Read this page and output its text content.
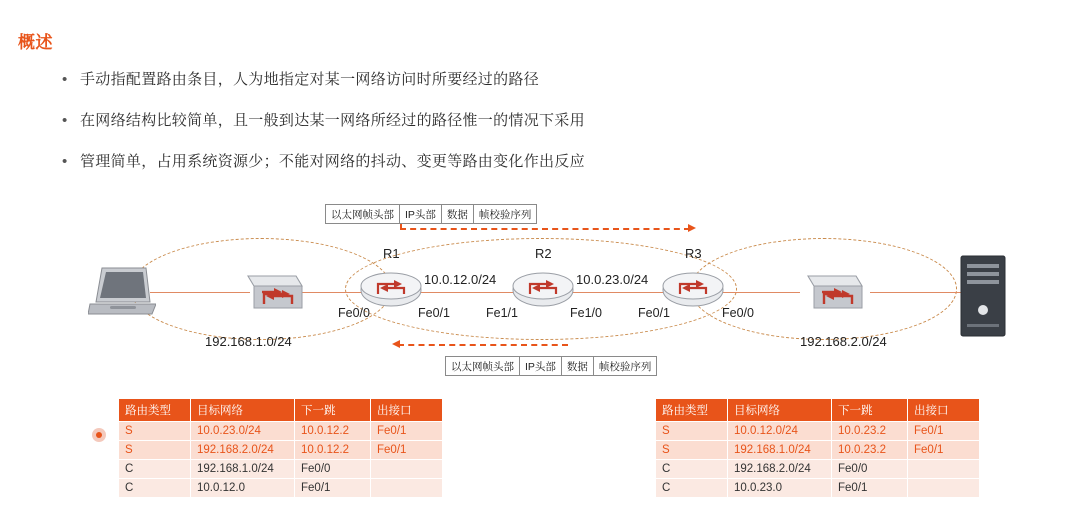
概述
• 手动指配置路由条目，人为地指定对某一网络访问时所要经过的路径
• 在网络结构比较简单，且一般到达某一网络所经过的路径惟一的情况下采用
• 管理简单，占用系统资源少；不能对网络的抖动、变更等路由变化作出反应
以太网帧头部	IP头部	数据	帧校验序列
以太网帧头部	IP头部	数据	帧校验序列
R1	R2	R3
Fe0/0	Fe0/1	Fe1/1	Fe1/0	Fe0/1	Fe0/0
192.168.1.0/24
10.0.12.0/24	10.0.23.0/24
192.168.2.0/24
路由类型	目标网络	下一跳	出接口
S	10.0.23.0/24	10.0.12.2	Fe0/1
S	192.168.2.0/24	10.0.12.2	Fe0/1
C	192.168.1.0/24	Fe0/0	
C	10.0.12.0	Fe0/1	
路由类型	目标网络	下一跳	出接口
S	10.0.12.0/24	10.0.23.2	Fe0/1
S	192.168.1.0/24	10.0.23.2	Fe0/1
C	192.168.2.0/24	Fe0/0	
C	10.0.23.0	Fe0/1	
